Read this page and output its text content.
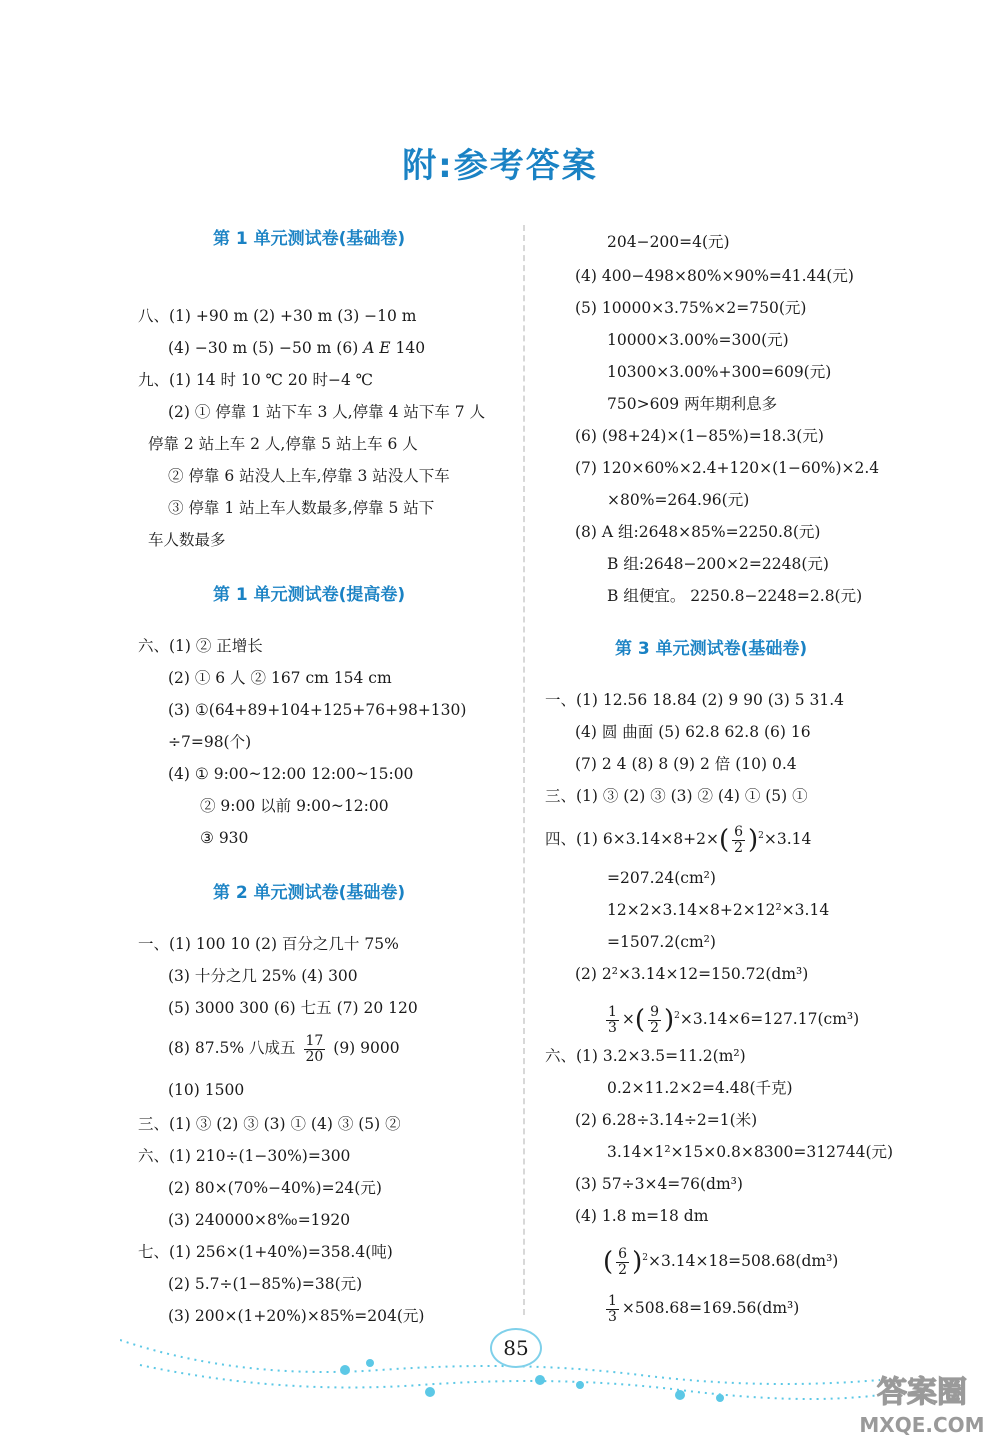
附:参考答案
第 1 单元测试卷(基础卷)
八、(1) +90 m (2) +30 m (3) −10 m
(4) −30 m (5) −50 m (6) A E 140
九、(1) 14 时 10 ℃ 20 时−4 ℃
(2) ① 停靠 1 站下车 3 人,停靠 4 站下车 7 人
停靠 2 站上车 2 人,停靠 5 站上车 6 人
② 停靠 6 站没人上车,停靠 3 站没人下车
③ 停靠 1 站上车人数最多,停靠 5 站下
车人数最多
第 1 单元测试卷(提高卷)
六、(1) ② 正增长
(2) ① 6 人 ② 167 cm 154 cm
(3) ①(64+89+104+125+76+98+130)
÷7=98(个)
(4) ① 9:00~12:00 12:00~15:00
② 9:00 以前 9:00~12:00
③ 930
第 2 单元测试卷(基础卷)
一、(1) 100 10 (2) 百分之几十 75%
(3) 十分之几 25% (4) 300
(5) 3000 300 (6) 七五 (7) 20 120
(8) 87.5% 八成五 $\frac{17}{20} (9)$ 9000
(10) 1500
三、(1) ③ (2) ③ (3) ① (4) ③ (5) ②
六、(1) 210÷(1−30%)=300
(2) 80×(70%−40%)=24(元)
(3) 240000×8‰=1920
七、(1) 256×(1+40%)=358.4(吨)
(2) 5.7÷(1−85%)=38(元)
(3) 200×(1+20%)×85%=204(元)
204−200=4(元)
(4) 400−498×80%×90%=41.44(元)
(5) 10000×3.75%×2=750(元)
10000×3.00%=300(元)
10300×3.00%+300=609(元)
750>609 两年期利息多
(6) (98+24)×(1−85%)=18.3(元)
(7) 120×60%×2.4+120×(1−60%)×2.4
×80%=264.96(元)
(8) A 组:2648×85%=2250.8(元)
B 组:2648−200×2=2248(元)
B 组便宜。 2250.8−2248=2.8(元)
第 3 单元测试卷(基础卷)
一、(1) 12.56 18.84 (2) 9 90 (3) 5 31.4
(4) 圆 曲面 (5) 62.8 62.8 (6) 16
(7) 2 4 (8) 8 (9) 2 倍 (10) 0.4
三、(1) ③ (2) ③ (3) ② (4) ① (5) ①
四、(1) $6\times 3.14\times 8+2\times( \frac{6}{2} )^2\times 3.14$
=207.24(cm²)
12×2×3.14×8+2×12²×3.14
=1507.2(cm²)
(2) 2²×3.14×12=150.72(dm³)
$\frac{1}{3}$ ×( $\frac{9}{2} )^2\times 3.14\times 6=127.17(cm^3)$
六、(1) 3.2×3.5=11.2(m²)
0.2×11.2×2=4.48(千克)
(2) 6.28÷3.14÷2=1(米)
3.14×1²×15×0.8×8300=312744(元)
(3) 57÷3×4=76(dm³)
(4) 1.8 m=18 dm
( $\frac{6}{2} )^2\times 3.14\times 18=508.68(dm^3)$
$\frac{1}{3} \times 508.68=169.56(dm^3)$
85
答案圈
MXQE.COM
